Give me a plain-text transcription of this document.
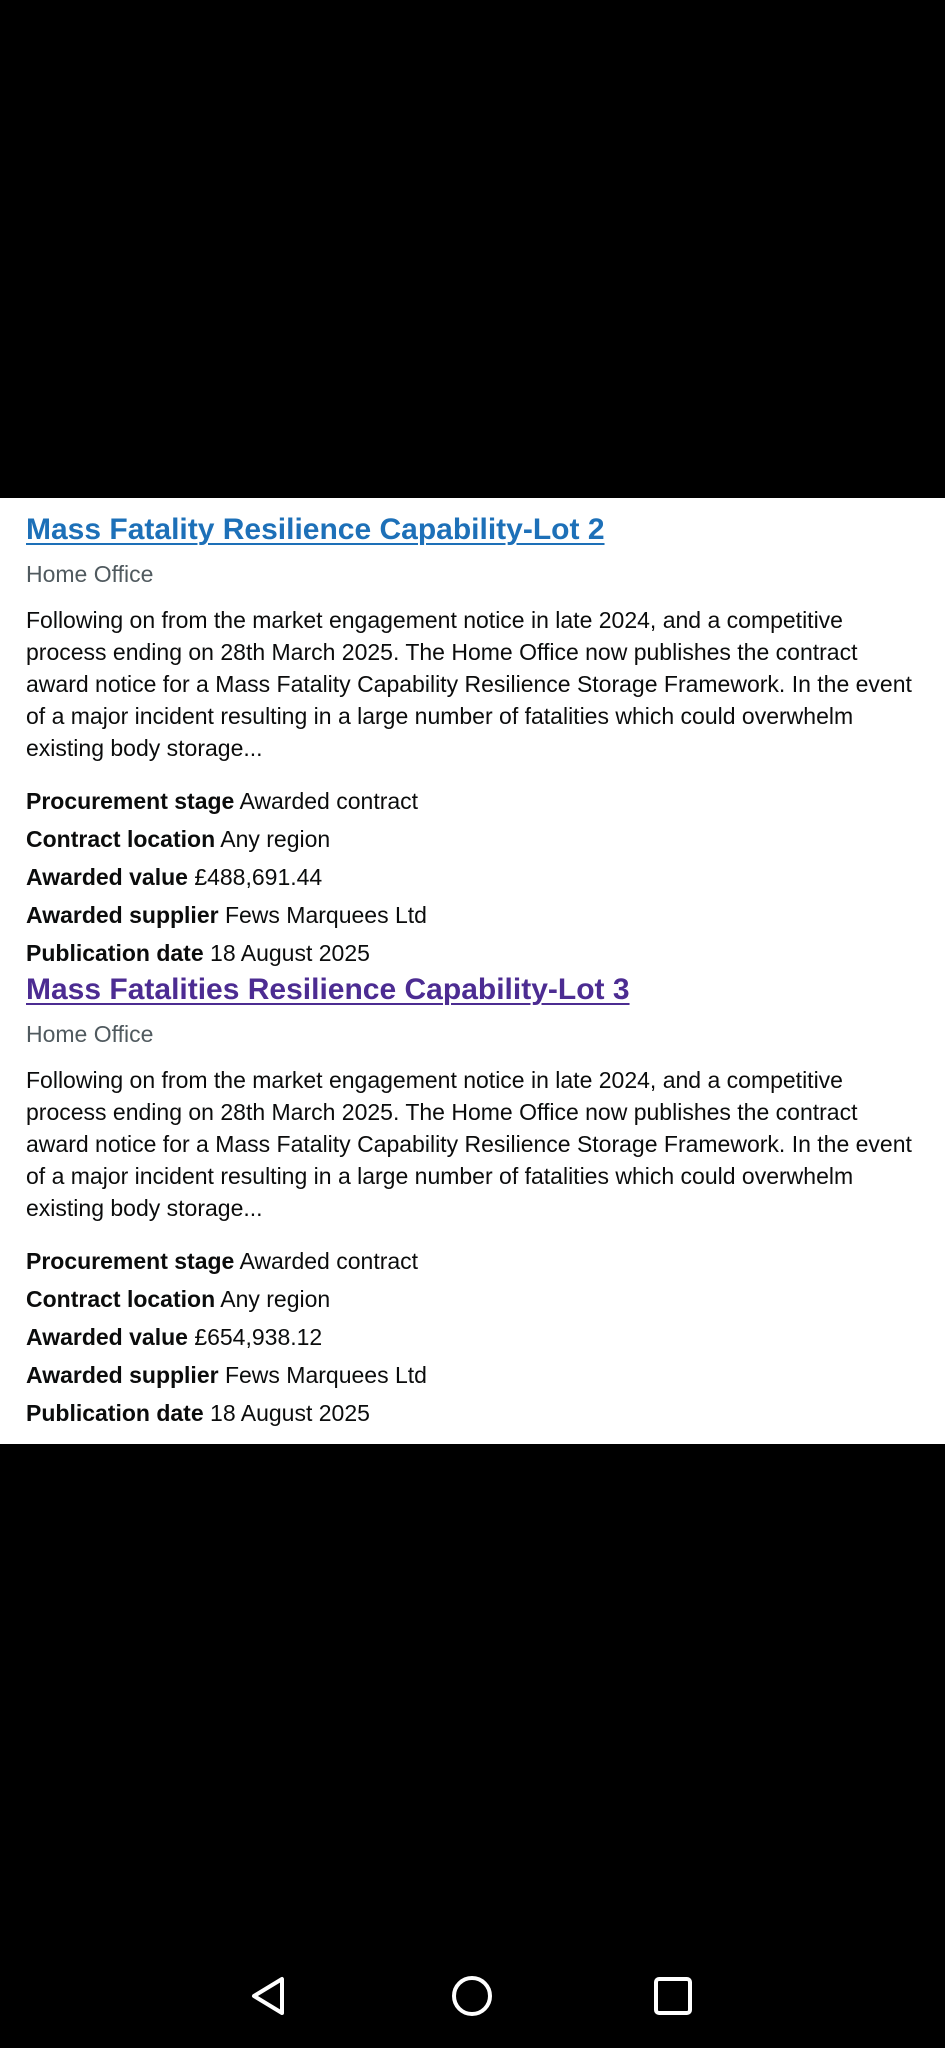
Mass Fatality Resilience Capability-Lot 2

Home Office

Following on from the market engagement notice in late 2024, and a competitive process ending on 28th March 2025. The Home Office now publishes the contract award notice for a Mass Fatality Capability Resilience Storage Framework. In the event of a major incident resulting in a large number of fatalities which could overwhelm existing body storage...

Procurement stage Awarded contract
Contract location Any region
Awarded value £488,691.44
Awarded supplier Fews Marquees Ltd
Publication date 18 August 2025
Mass Fatalities Resilience Capability-Lot 3

Home Office

Following on from the market engagement notice in late 2024, and a competitive process ending on 28th March 2025. The Home Office now publishes the contract award notice for a Mass Fatality Capability Resilience Storage Framework. In the event of a major incident resulting in a large number of fatalities which could overwhelm existing body storage...

Procurement stage Awarded contract
Contract location Any region
Awarded value £654,938.12
Awarded supplier Fews Marquees Ltd
Publication date 18 August 2025
